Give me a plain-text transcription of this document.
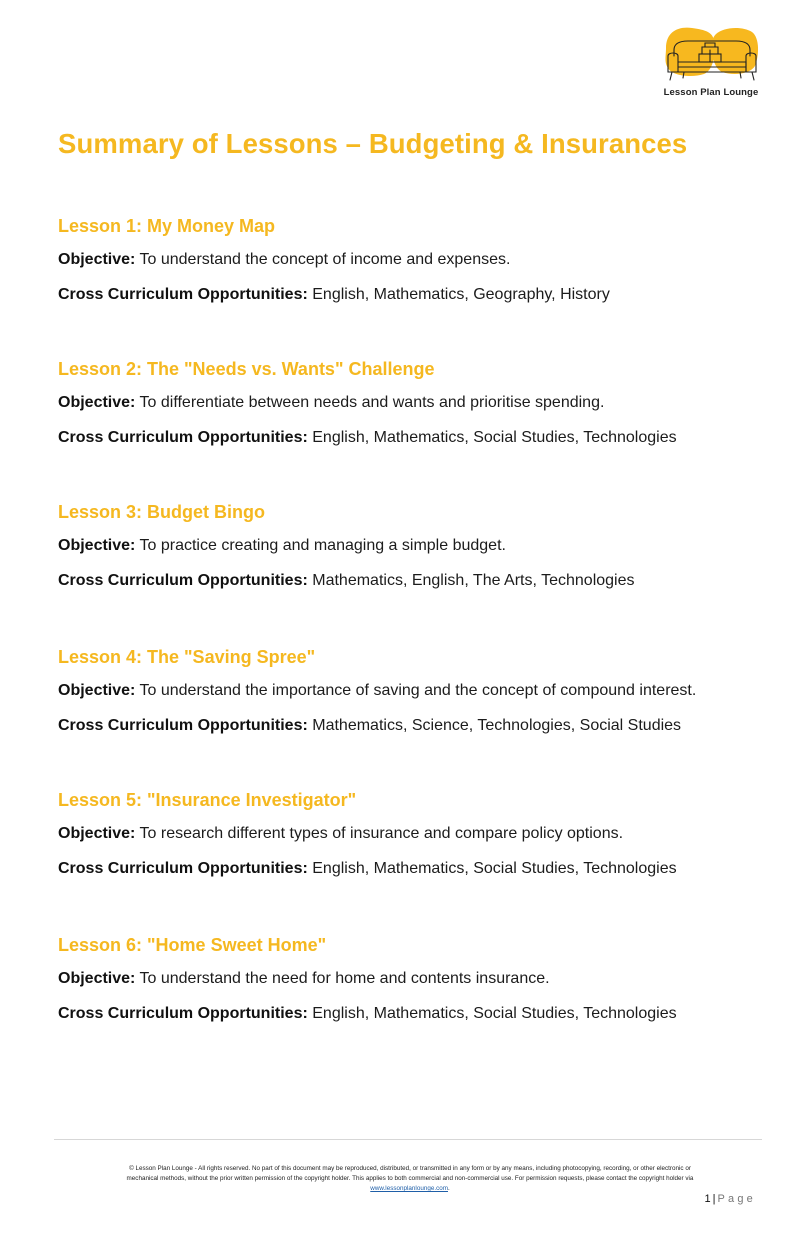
Lesson Plan Lounge
Summary of Lessons – Budgeting & Insurances
Lesson 1: My Money Map
Objective: To understand the concept of income and expenses.
Cross Curriculum Opportunities: English, Mathematics, Geography, History
Lesson 2: The "Needs vs. Wants" Challenge
Objective: To differentiate between needs and wants and prioritise spending.
Cross Curriculum Opportunities: English, Mathematics, Social Studies, Technologies
Lesson 3: Budget Bingo
Objective: To practice creating and managing a simple budget.
Cross Curriculum Opportunities: Mathematics, English, The Arts, Technologies
Lesson 4: The "Saving Spree"
Objective: To understand the importance of saving and the concept of compound interest.
Cross Curriculum Opportunities: Mathematics, Science, Technologies, Social Studies
Lesson 5: "Insurance Investigator"
Objective: To research different types of insurance and compare policy options.
Cross Curriculum Opportunities: English, Mathematics, Social Studies, Technologies
Lesson 6: "Home Sweet Home"
Objective: To understand the need for home and contents insurance.
Cross Curriculum Opportunities: English, Mathematics, Social Studies, Technologies
© Lesson Plan Lounge - All rights reserved. No part of this document may be reproduced, distributed, or transmitted in any form or by any means, including photocopying, recording, or other electronic or
mechanical methods, without the prior written permission of the copyright holder. This applies to both commercial and non-commercial use. For permission requests, please contact the copyright holder via
www.lessonplanlounge.com.
1 | Page
